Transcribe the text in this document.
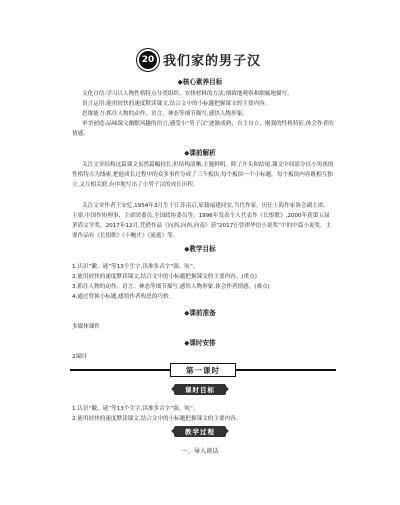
20 我们家的男子汉
◆核心素养目标

文化自信:学习以人物性格特点分类组织、安排材料的方法;细致地观察和细腻地描写。

语言运用:能用较快的速度默读课文,结合文中的小标题把握课文的主要内容。

思维能力:抓住人物的动作、语言、神态等细节描写,感悟人物形象。

审美创造:品味课文幽默风趣的语言,感受小“男子汉”逐渐成熟、自主自立、刚强的性格特征,体会作者的情感。

◆课前解析

关注文章结构这篇课文虽然篇幅较长,但结构清晰,主题鲜明。除了开头和结尾,课文中间部分以小男孩的性格特点为线索,把他成长过程中的众多事件分成了三个板块,每个板块一个小标题。每个板块内容既相互独立,又互相关联,有序地写出了小男子汉的成长历程。

关注文章作者王安忆,1954年3月生于江苏南京,原籍福建同安,当代作家。历任上海作家协会副主席、主席,中国作协理事、主席团委员,全国政协委员等。1996年发表个人代表作《长恨歌》,2000年获第五届茅盾文学奖。2017年12月,凭借作品《向西,向西,向南》获“2017汪曾祺华语小说奖”中的中篇小说奖。主要作品有《长恨歌》《小鲍庄》《流逝》等。

◆教学目标
1.认识“徽、谜”等13个生字,读准多音字“强、吭”。
2.能用较快的速度默读课文,结合文中的小标题把握课文的主要内容。(重点)
3.抓住人物的动作、语言、神态等细节描写,感悟人物形象,体会作者情感。(难点)
4.通过替换小标题,感悟作者构思的巧妙。
◆课前准备
多媒体课件
◆课时安排
2课时
第一课时
课时目标
1.认识“徽、谜”等13个生字,读准多音字“强、吭”。
2.能用较快的速度默读课文,结合文中的小标题把握课文的主要内容。
教学过程
一、导入谈话
